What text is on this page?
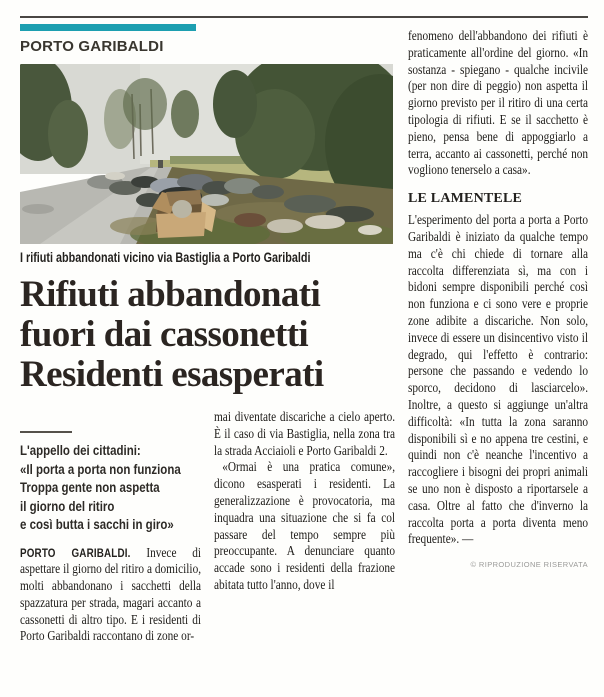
PORTO GARIBALDI
I rifiuti abbandonati vicino via Bastiglia a Porto Garibaldi
Rifiuti abbandonati fuori dai cassonetti Residenti esasperati
L'appello dei cittadini:
«Il porta a porta non funziona
Troppa gente non aspetta
il giorno del ritiro
e così butta i sacchi in giro»

PORTO GARIBALDI. Invece di aspettare il giorno del ritiro a domicilio, molti abbandonano i sacchetti della spazzatura per strada, magari accanto a cassonetti di altro tipo. E i residenti di Porto Garibaldi raccontano di zone or-

mai diventate discariche a cielo aperto. È il caso di via Bastiglia, nella zona tra la strada Acciaioli e Porto Garibaldi 2.

«Ormai è una pratica comune», dicono esasperati i residenti. La generalizzazione è provocatoria, ma inquadra una situazione che si fa col passare del tempo sempre più preoccupante. A denunciare quanto accade sono i residenti della frazione abitata tutto l'anno, dove il

fenomeno dell'abbandono dei rifiuti è praticamente all'ordine del giorno. «In sostanza - spiegano - qualche incivile (per non dire di peggio) non aspetta il giorno previsto per il ritiro di una certa tipologia di rifiuti. E se il sacchetto è pieno, pensa bene di appoggiarlo a terra, accanto ai cassonetti, perché non vogliono tenerselo a casa».

LE LAMENTELE

L'esperimento del porta a porta a Porto Garibaldi è iniziato da qualche tempo ma c'è chi chiede di tornare alla raccolta differenziata sì, ma con i bidoni sempre disponibili perché così non funziona e ci sono vere e proprie zone adibite a discariche. Non solo, invece di essere un disincentivo visto il degrado, qui l'effetto è contrario: persone che passando e vedendo lo sporco, decidono di lasciarcelo». Inoltre, a questo si aggiunge un'altra difficoltà: «In tutta la zona saranno disponibili sì e no appena tre cestini, e quindi non c'è neanche l'incentivo a raccogliere i bisogni dei propri animali se uno non è disposto a riportarsele a casa. Oltre al fatto che d'inverno la raccolta porta a porta diventa meno frequente». —

© RIPRODUZIONE RISERVATA
